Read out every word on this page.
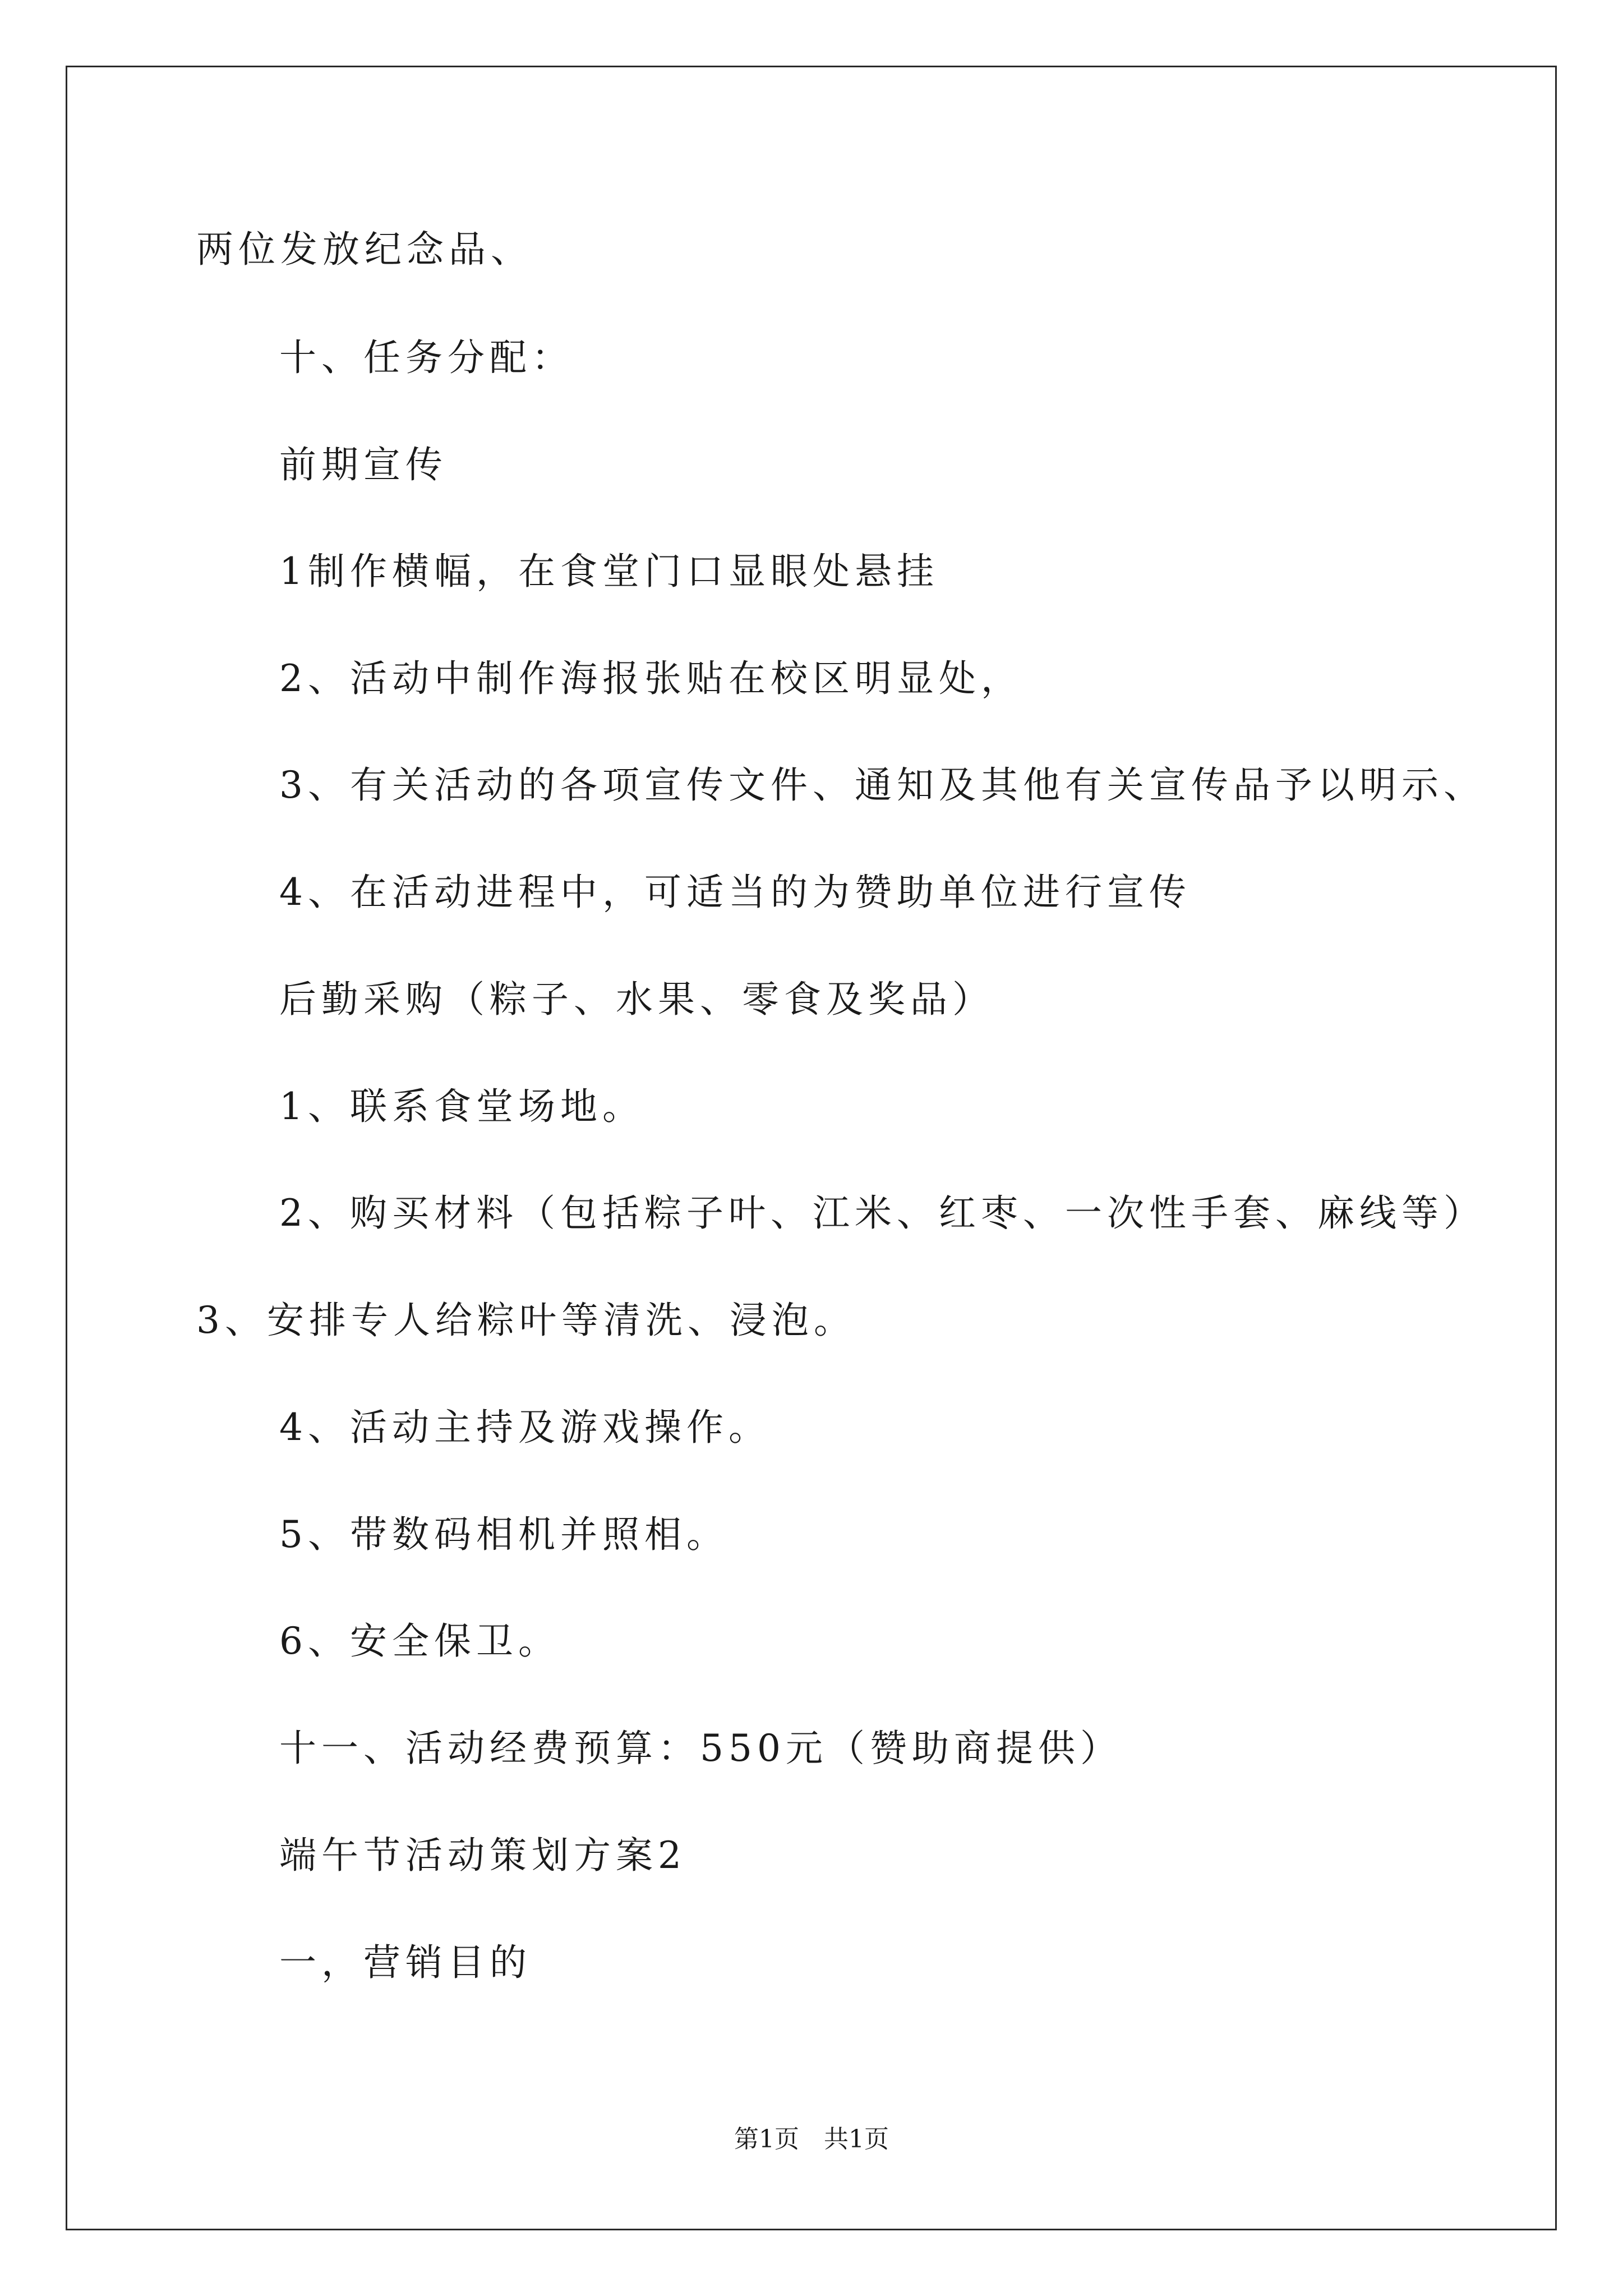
两位发放纪念品、
十、任务分配：
前期宣传
1制作横幅，在食堂门口显眼处悬挂
2、活动中制作海报张贴在校区明显处，
3、有关活动的各项宣传文件、通知及其他有关宣传品予以明示、
4、在活动进程中，可适当的为赞助单位进行宣传
后勤采购（粽子、水果、零食及奖品）
1、联系食堂场地。
2、购买材料（包括粽子叶、江米、红枣、一次性手套、麻线等）
3、安排专人给粽叶等清洗、浸泡。
4、活动主持及游戏操作。
5、带数码相机并照相。
6、安全保卫。
十一、活动经费预算：550元（赞助商提供）
端午节活动策划方案2
一，营销目的
第1页　共1页
